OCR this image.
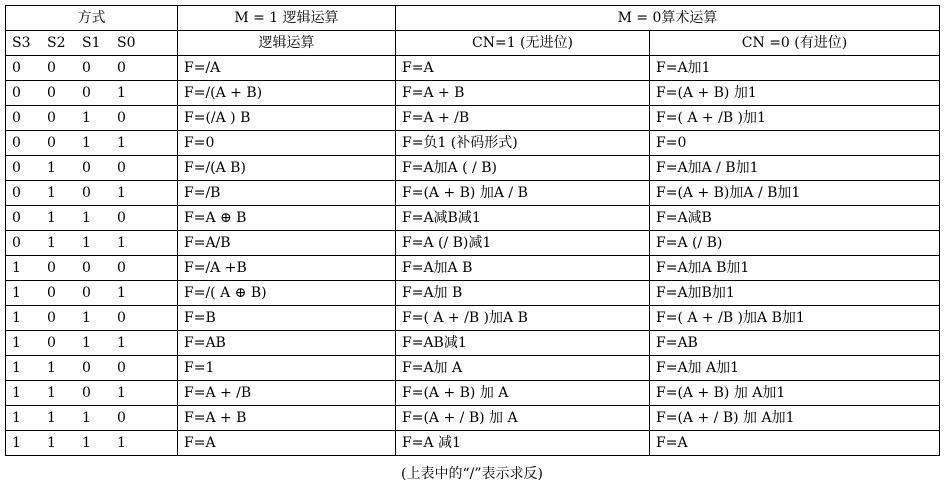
方式	M = 1 逻辑运算	M = 0算术运算	
S3 S2 S1 S0	逻辑运算	CN=1 (无进位)	CN =0 (有进位)
0 0 0 0	F=/A	F=A	F=A加1
0 0 0 1	F=/(A + B)	F=A + B	F=(A + B) 加1
0 0 1 0	F=(/A ) B	F=A + /B	F=( A + /B )加1
0 0 1 1	F=0	F=负1 (补码形式)	F=0
0 1 0 0	F=/(A B)	F=A加A ( / B)	F=A加A / B加1
0 1 0 1	F=/B	F=(A + B) 加A / B	F=(A + B)加A / B加1
0 1 1 0	F=A ⊕ B	F=A减B减1	F=A减B
0 1 1 1	F=A/B	F=A (/ B)减1	F=A (/ B)
1 0 0 0	F=/A +B	F=A加A B	F=A加A B加1
1 0 0 1	F=/( A ⊕ B)	F=A加 B	F=A加B加1
1 0 1 0	F=B	F=( A + /B )加A B	F=( A + /B )加A B加1
1 0 1 1	F=AB	F=AB减1	F=AB
1 1 0 0	F=1	F=A加 A	F=A加 A加1
1 1 0 1	F=A + /B	F=(A + B) 加 A	F=(A + B) 加 A加1
1 1 1 0	F=A + B	F=(A + / B) 加 A	F=(A + / B) 加 A加1
1 1 1 1	F=A	F=A 减1	F=A
(上表中的“/”表示求反)
